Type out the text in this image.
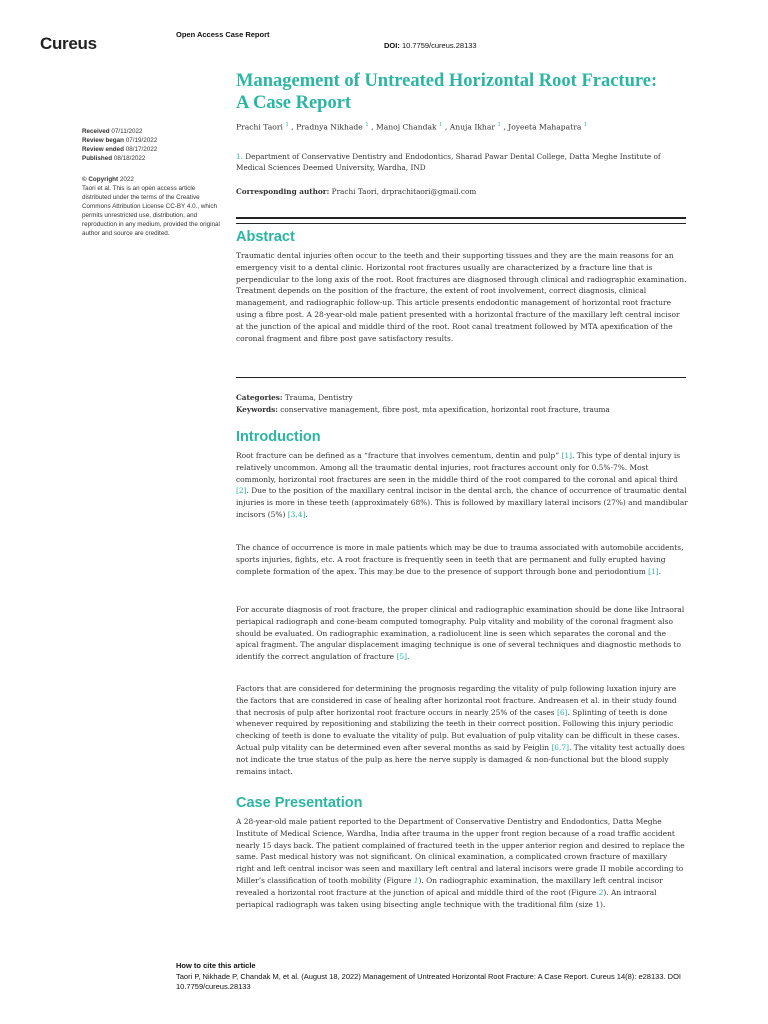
Cureus	Open Access Case Report
DOI: 10.7759/cureus.28133
Management of Untreated Horizontal Root Fracture: A Case Report
Prachi Taori $^1$ , Pradnya Nikhade $^1$ , Manoj Chandak $^1$ , Anuja Ikhar $^1$ , Joyeeta Mahapatra $^1$
1. Department of Conservative Dentistry and Endodontics, Sharad Pawar Dental College, Datta Meghe Institute of Medical Sciences Deemed University, Wardha, IND
Corresponding author: Prachi Taori, drprachitaori@gmail.com
Received 07/11/2022
Review began 07/19/2022
Review ended 08/17/2022
Published 08/18/2022
© Copyright 2022
Taori et al. This is an open access article distributed under the terms of the Creative Commons Attribution License CC-BY 4.0., which permits unrestricted use, distribution, and reproduction in any medium, provided the original author and source are credited.	Abstract

Traumatic dental injuries often occur to the teeth and their supporting tissues and they are the main reasons for an emergency visit to a dental clinic. Horizontal root fractures usually are characterized by a fracture line that is perpendicular to the long axis of the root. Root fractures are diagnosed through clinical and radiographic examination. Treatment depends on the position of the fracture, the extent of root involvement, correct diagnosis, clinical management, and radiographic follow-up. This article presents endodontic management of horizontal root fracture using a fibre post. A 28-year-old male patient presented with a horizontal fracture of the maxillary left central incisor at the junction of the apical and middle third of the root. Root canal treatment followed by MTA apexification of the coronal fragment and fibre post gave satisfactory results.

Categories: Trauma, Dentistry
Keywords: conservative management, fibre post, mta apexification, horizontal root fracture, trauma
Introduction

Root fracture can be defined as a “fracture that involves cementum, dentin and pulp” [1]. This type of dental injury is relatively uncommon. Among all the traumatic dental injuries, root fractures account only for 0.5%-7%. Most commonly, horizontal root fractures are seen in the middle third of the root compared to the coronal and apical third [2]. Due to the position of the maxillary central incisor in the dental arch, the chance of occurrence of traumatic dental injuries is more in these teeth (approximately 68%). This is followed by maxillary lateral incisors (27%) and mandibular incisors (5%) [3,4].

The chance of occurrence is more in male patients which may be due to trauma associated with automobile accidents, sports injuries, fights, etc. A root fracture is frequently seen in teeth that are permanent and fully erupted having complete formation of the apex. This may be due to the presence of support through bone and periodontium [1].

For accurate diagnosis of root fracture, the proper clinical and radiographic examination should be done like Intraoral periapical radiograph and cone-beam computed tomography. Pulp vitality and mobility of the coronal fragment also should be evaluated. On radiographic examination, a radiolucent line is seen which separates the coronal and the apical fragment. The angular displacement imaging technique is one of several techniques and diagnostic methods to identify the correct angulation of fracture [5].

Factors that are considered for determining the prognosis regarding the vitality of pulp following luxation injury are the factors that are considered in case of healing after horizontal root fracture. Andreasen et al. in their study found that necrosis of pulp after horizontal root fracture occurs in nearly 25% of the cases [6]. Splinting of teeth is done whenever required by repositioning and stabilizing the teeth in their correct position. Following this injury periodic checking of teeth is done to evaluate the vitality of pulp. But evaluation of pulp vitality can be difficult in these cases. Actual pulp vitality can be determined even after several months as said by Feiglin [6,7]. The vitality test actually does not indicate the true status of the pulp as here the nerve supply is damaged & non-functional but the blood supply remains intact.

Case Presentation

A 28-year-old male patient reported to the Department of Conservative Dentistry and Endodontics, Datta Meghe Institute of Medical Science, Wardha, India after trauma in the upper front region because of a road traffic accident nearly 15 days back. The patient complained of fractured teeth in the upper anterior region and desired to replace the same. Past medical history was not significant. On clinical examination, a complicated crown fracture of maxillary right and left central incisor was seen and maxillary left central and lateral incisors were grade II mobile according to Miller’s classification of tooth mobility (Figure 1). On radiographic examination, the maxillary left central incisor revealed a horizontal root fracture at the junction of apical and middle third of the root (Figure 2). An intraoral periapical radiograph was taken using bisecting angle technique with the traditional film (size 1).

How to cite this article
Taori P, Nikhade P, Chandak M, et al. (August 18, 2022) Management of Untreated Horizontal Root Fracture: A Case Report. Cureus 14(8): e28133. DOI 10.7759/cureus.28133
